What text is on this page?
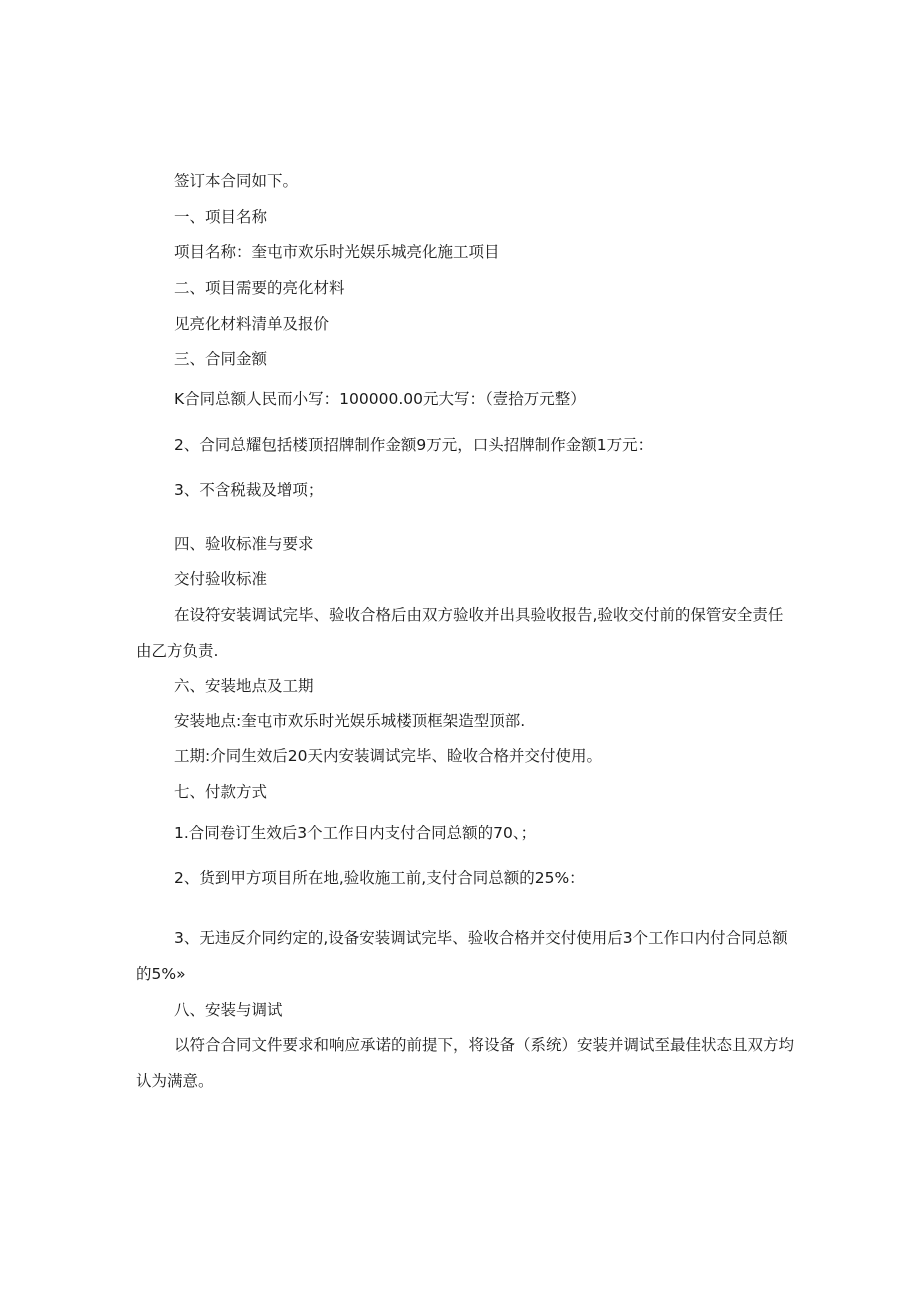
签订本合同如下。
一、项目名称
项目名称：奎屯市欢乐时光娱乐城亮化施工项目
二、项目需要的亮化材料
见亮化材料清单及报价
三、合同金额
K合同总额人民而小写：100000.00元大写：（壹拾万元整）
2、合同总耀包括楼顶招牌制作金额9万元，口头招牌制作金额1万元：
3、不含税裁及增项；
四、验收标准与要求
交付验收标准
在设符安装调试完毕、验收合格后由双方验收并出具验收报告,验收交付前的保管安全责任由乙方负责.
六、安装地点及工期
安装地点:奎屯市欢乐时光娱乐城楼顶框架造型顶部.
工期:介同生效后20天内安装调试完毕、睑收合格并交付使用。
七、付款方式
1.合同卷订生效后3个工作日内支付合同总额的70、；
2、货到甲方项目所在地,验收施工前,支付合同总额的25%：
3、无违反介同约定的,设备安装调试完毕、验收合格并交付使用后3个工作口内付合同总额的5%»
八、安装与调试
以符合合同文件要求和响应承诺的前提下，将设备（系统）安装并调试至最佳状态且双方均认为满意。
